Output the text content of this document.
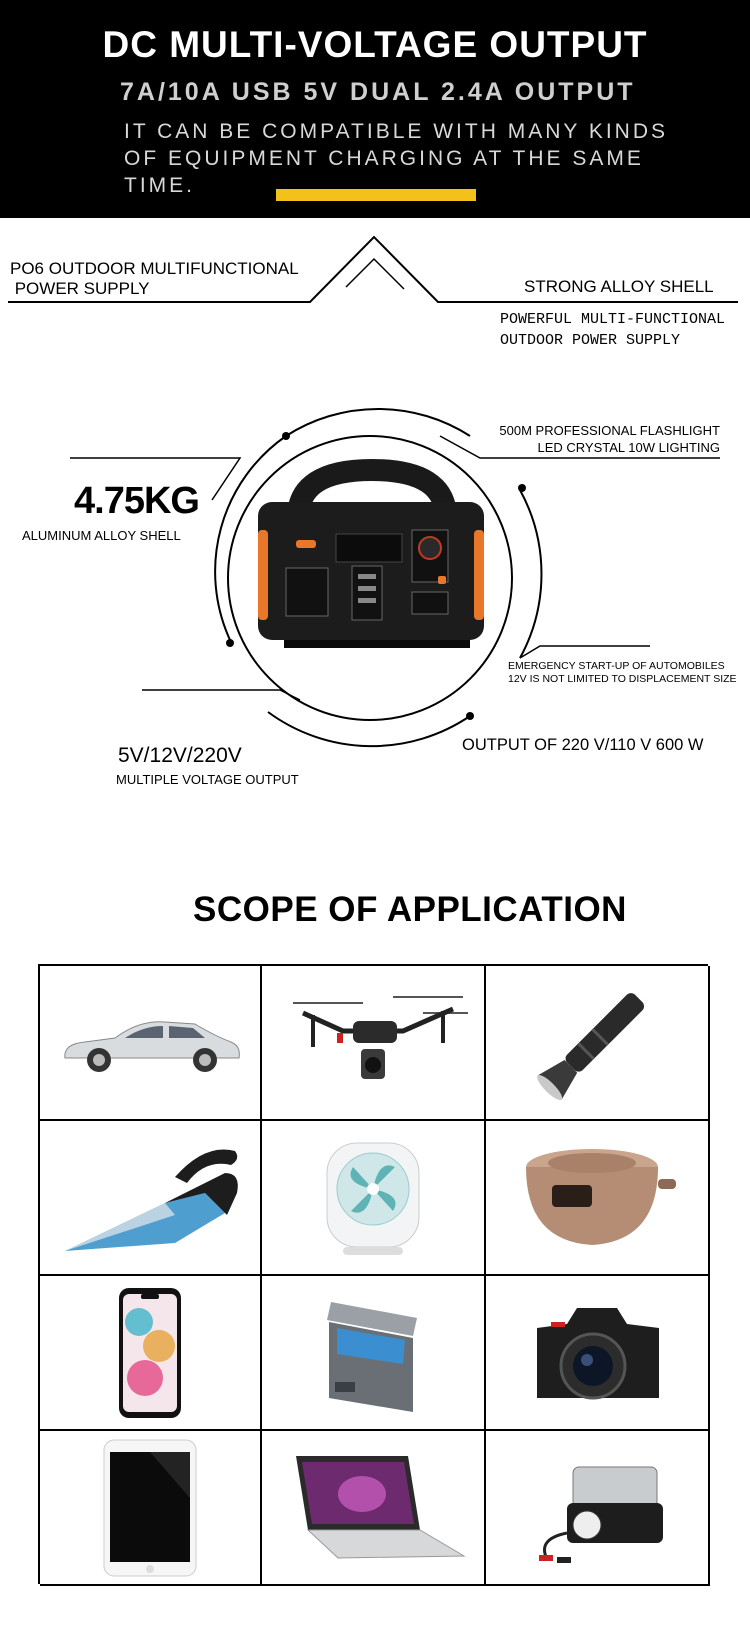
DC MULTI-VOLTAGE OUTPUT
7A/10A USB 5V DUAL 2.4A OUTPUT
IT CAN BE COMPATIBLE WITH MANY KINDS
OF EQUIPMENT CHARGING AT THE SAME
TIME.
PO6 OUTDOOR MULTIFUNCTIONAL
POWER SUPPLY	STRONG ALLOY SHELL
POWERFUL MULTI-FUNCTIONAL
OUTDOOR POWER SUPPLY
4.75KG
ALUMINUM ALLOY SHELL
500M PROFESSIONAL FLASHLIGHT
LED CRYSTAL 10W LIGHTING
EMERGENCY START-UP OF AUTOMOBILES
12V IS NOT LIMITED TO DISPLACEMENT SIZE
OUTPUT OF 220 V/110 V 600 W
5V/12V/220V
MULTIPLE VOLTAGE OUTPUT
SCOPE OF APPLICATION
